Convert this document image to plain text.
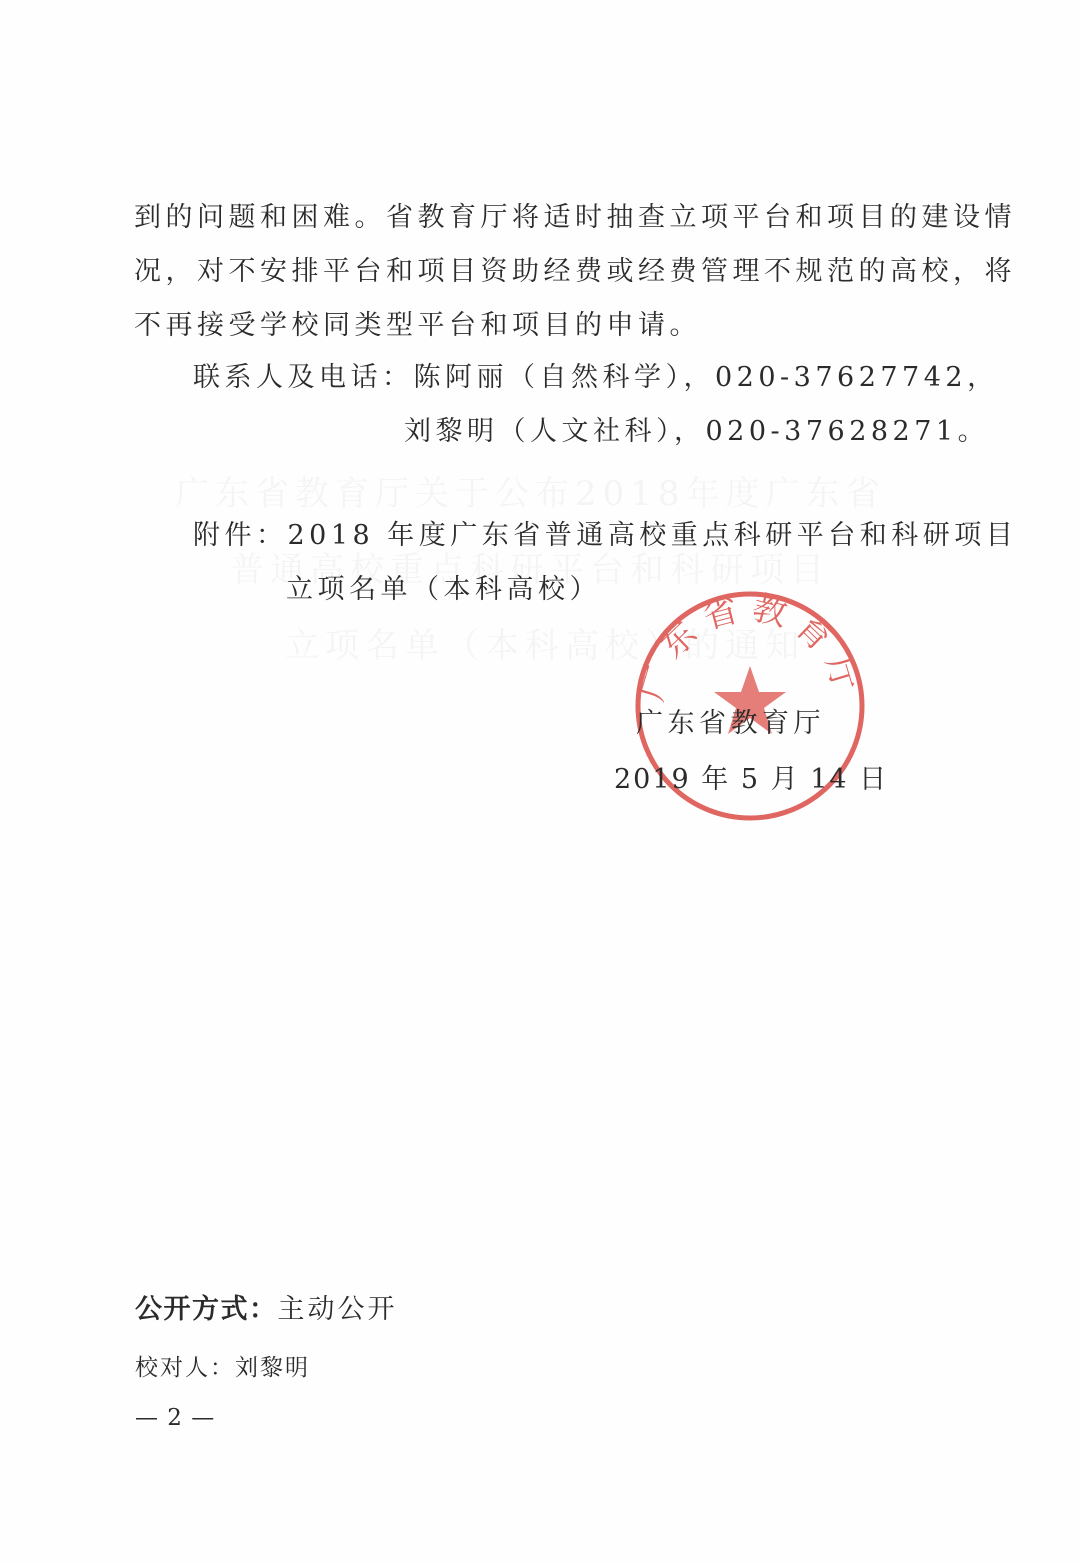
到的问题和困难。省教育厅将适时抽查立项平台和项目的建设情
况，对不安排平台和项目资助经费或经费管理不规范的高校，将
不再接受学校同类型平台和项目的申请。
联系人及电话：陈阿丽（自然科学），020-37627742，
刘黎明（人文社科），020-37628271。
附件：2018 年度广东省普通高校重点科研平台和科研项目
立项名单（本科高校）
广东省教育厅
广东省教育厅
2019 年 5 月 14 日
公开方式：主动公开
校对人：刘黎明
— 2 —
